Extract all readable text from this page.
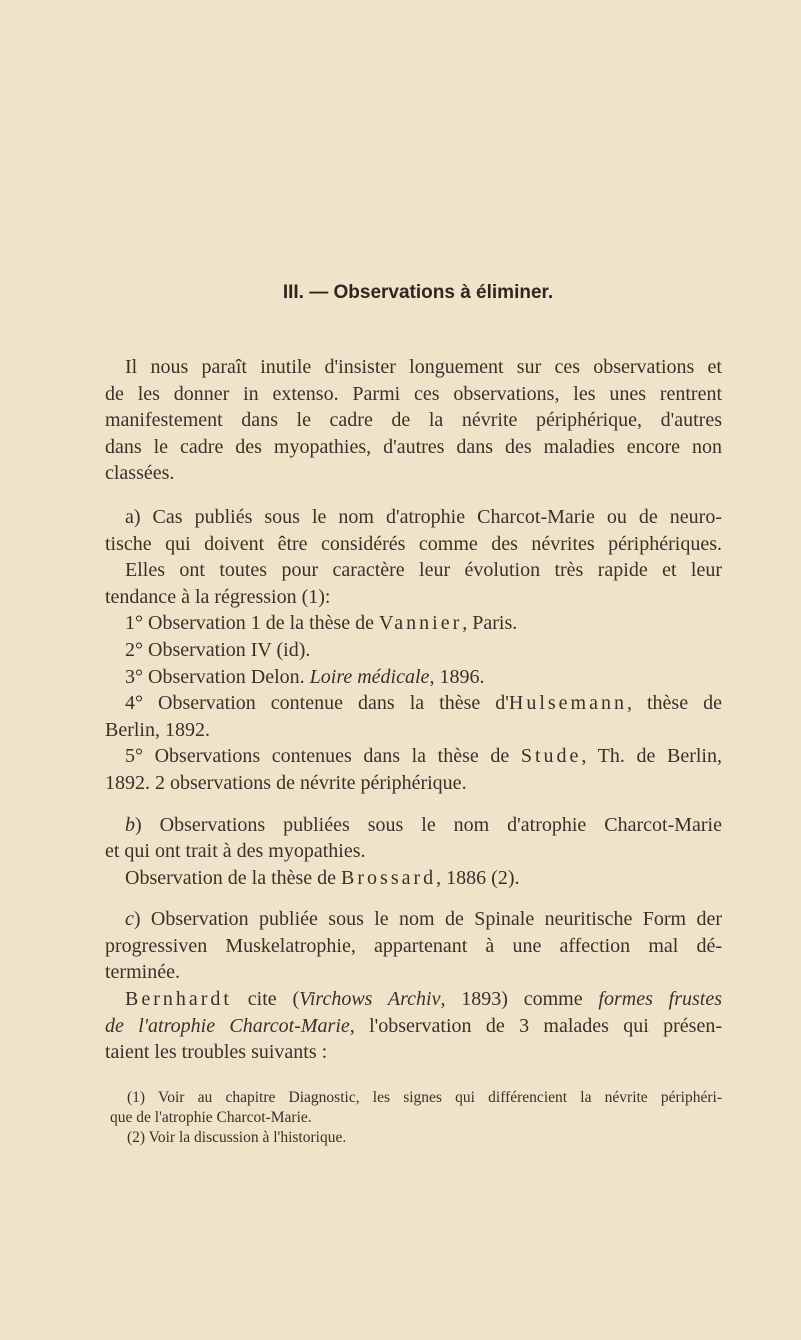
III. — Observations à éliminer.
Il nous paraît inutile d'insister longuement sur ces observations et
de les donner in extenso. Parmi ces observations, les unes rentrent
manifestement dans le cadre de la névrite périphérique, d'autres
dans le cadre des myopathies, d'autres dans des maladies encore non
classées.
a) Cas publiés sous le nom d'atrophie Charcot-Marie ou de neuro-
tische qui doivent être considérés comme des névrites périphériques.
Elles ont toutes pour caractère leur évolution très rapide et leur
tendance à la régression (1):
1° Observation 1 de la thèse de Vannier, Paris.
2° Observation IV (id).
3° Observation Delon. Loire médicale, 1896.
4° Observation contenue dans la thèse d'Hulsemann, thèse de
Berlin, 1892.
5° Observations contenues dans la thèse de Stude, Th. de Berlin,
1892. 2 observations de névrite périphérique.
b) Observations publiées sous le nom d'atrophie Charcot-Marie
et qui ont trait à des myopathies.
Observation de la thèse de Brossard, 1886 (2).
c) Observation publiée sous le nom de Spinale neuritische Form der
progressiven Muskelatrophie, appartenant à une affection mal dé-
terminée.
Bernhardt cite (Virchows Archiv, 1893) comme formes frustes
de l'atrophie Charcot-Marie, l'observation de 3 malades qui présen-
taient les troubles suivants :
(1) Voir au chapitre Diagnostic, les signes qui différencient la névrite périphéri-
que de l'atrophie Charcot-Marie.
(2) Voir la discussion à l'historique.
